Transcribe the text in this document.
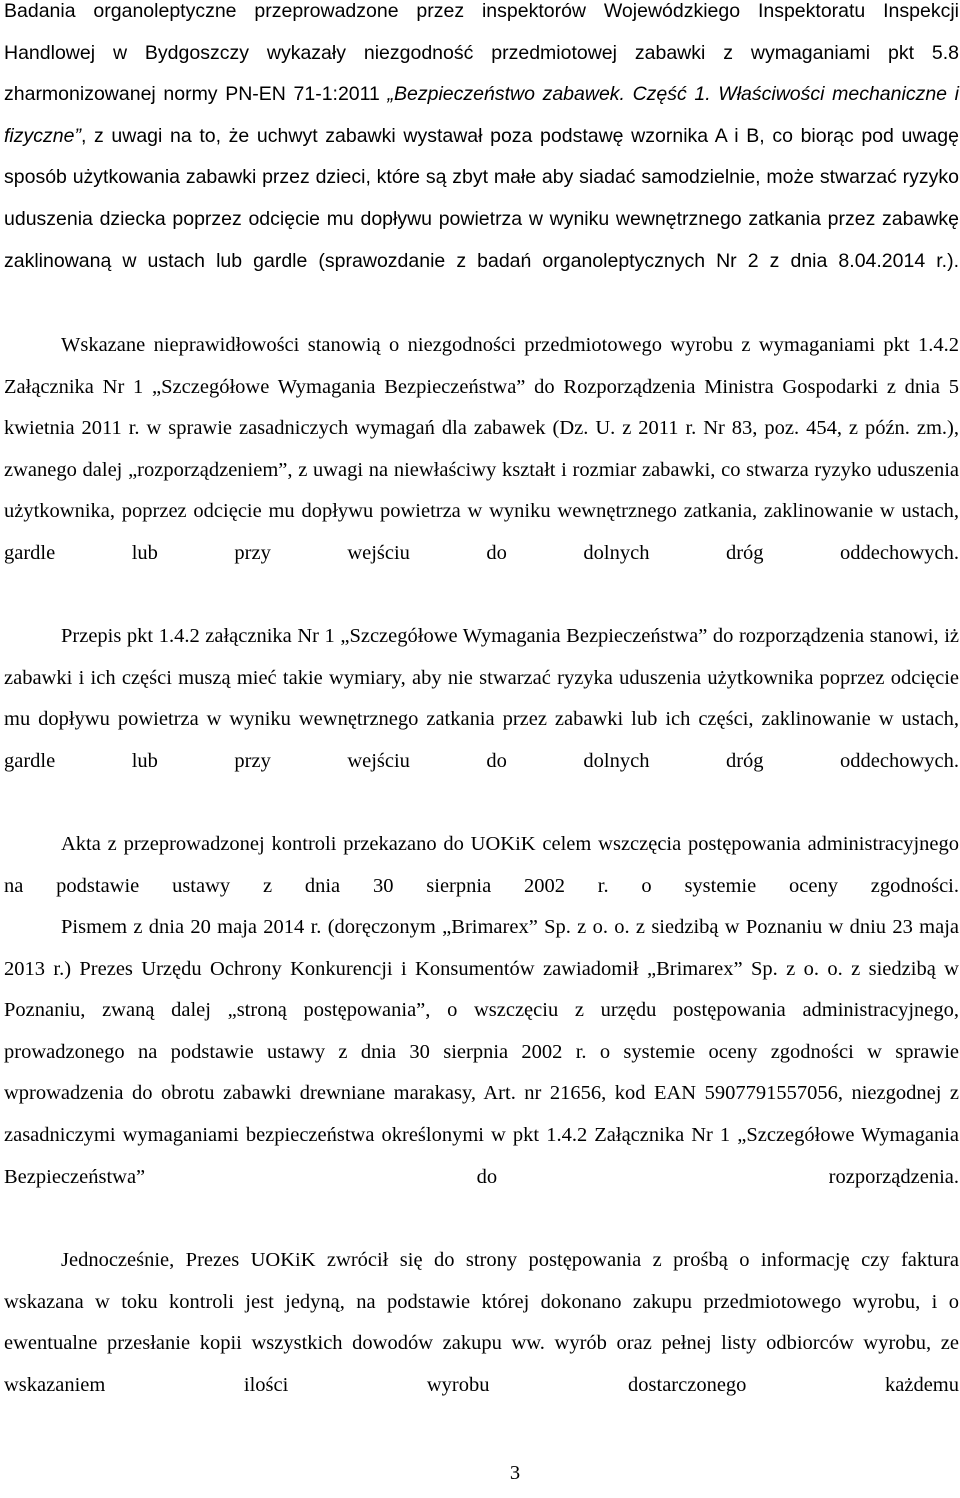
Badania organoleptyczne przeprowadzone przez inspektorów Wojewódzkiego Inspektoratu Inspekcji Handlowej w Bydgoszczy wykazały niezgodność przedmiotowej zabawki z wymaganiami pkt 5.8 zharmonizowanej normy PN-EN 71-1:2011 „Bezpieczeństwo zabawek. Część 1. Właściwości mechaniczne i fizyczne”, z uwagi na to, że uchwyt zabawki wystawał poza podstawę wzornika A i B, co biorąc pod uwagę sposób użytkowania zabawki przez dzieci, które są zbyt małe aby siadać samodzielnie, może stwarzać ryzyko uduszenia dziecka poprzez odcięcie mu dopływu powietrza w wyniku wewnętrznego zatkania przez zabawkę zaklinowaną w ustach lub gardle (sprawozdanie z badań organoleptycznych Nr 2 z dnia 8.04.2014 r.).

Wskazane nieprawidłowości stanowią o niezgodności przedmiotowego wyrobu z wymaganiami pkt 1.4.2 Załącznika Nr 1 „Szczegółowe Wymagania Bezpieczeństwa” do Rozporządzenia Ministra Gospodarki z dnia 5 kwietnia 2011 r. w sprawie zasadniczych wymagań dla zabawek (Dz. U. z 2011 r. Nr 83, poz. 454, z późn. zm.), zwanego dalej „rozporządzeniem”, z uwagi na niewłaściwy kształt i rozmiar zabawki, co stwarza ryzyko uduszenia użytkownika, poprzez odcięcie mu dopływu powietrza w wyniku wewnętrznego zatkania, zaklinowanie w ustach, gardle lub przy wejściu do dolnych dróg oddechowych.

Przepis pkt 1.4.2 załącznika Nr 1 „Szczegółowe Wymagania Bezpieczeństwa” do rozporządzenia stanowi, iż zabawki i ich części muszą mieć takie wymiary, aby nie stwarzać ryzyka uduszenia użytkownika poprzez odcięcie mu dopływu powietrza w wyniku wewnętrznego zatkania przez zabawki lub ich części, zaklinowanie w ustach, gardle lub przy wejściu do dolnych dróg oddechowych.

Akta z przeprowadzonej kontroli przekazano do UOKiK celem wszczęcia postępowania administracyjnego na podstawie ustawy z dnia 30 sierpnia 2002 r. o systemie oceny zgodności.

Pismem z dnia 20 maja 2014 r. (doręczonym „Brimarex” Sp. z o. o. z siedzibą w Poznaniu w dniu 23 maja 2013 r.) Prezes Urzędu Ochrony Konkurencji i Konsumentów zawiadomił „Brimarex” Sp. z o. o. z siedzibą w Poznaniu, zwaną dalej „stroną postępowania”, o wszczęciu z urzędu postępowania administracyjnego, prowadzonego na podstawie ustawy z dnia 30 sierpnia 2002 r. o systemie oceny zgodności w sprawie wprowadzenia do obrotu zabawki drewniane marakasy, Art. nr 21656, kod EAN 5907791557056, niezgodnej z zasadniczymi wymaganiami bezpieczeństwa określonymi w pkt 1.4.2 Załącznika Nr 1 „Szczegółowe Wymagania Bezpieczeństwa” do rozporządzenia.

Jednocześnie, Prezes UOKiK zwrócił się do strony postępowania z prośbą o informację czy faktura wskazana w toku kontroli jest jedyną, na podstawie której dokonano zakupu przedmiotowego wyrobu, i o ewentualne przesłanie kopii wszystkich dowodów zakupu ww. wyrób oraz pełnej listy odbiorców wyrobu, ze wskazaniem ilości wyrobu dostarczonego każdemu

3
